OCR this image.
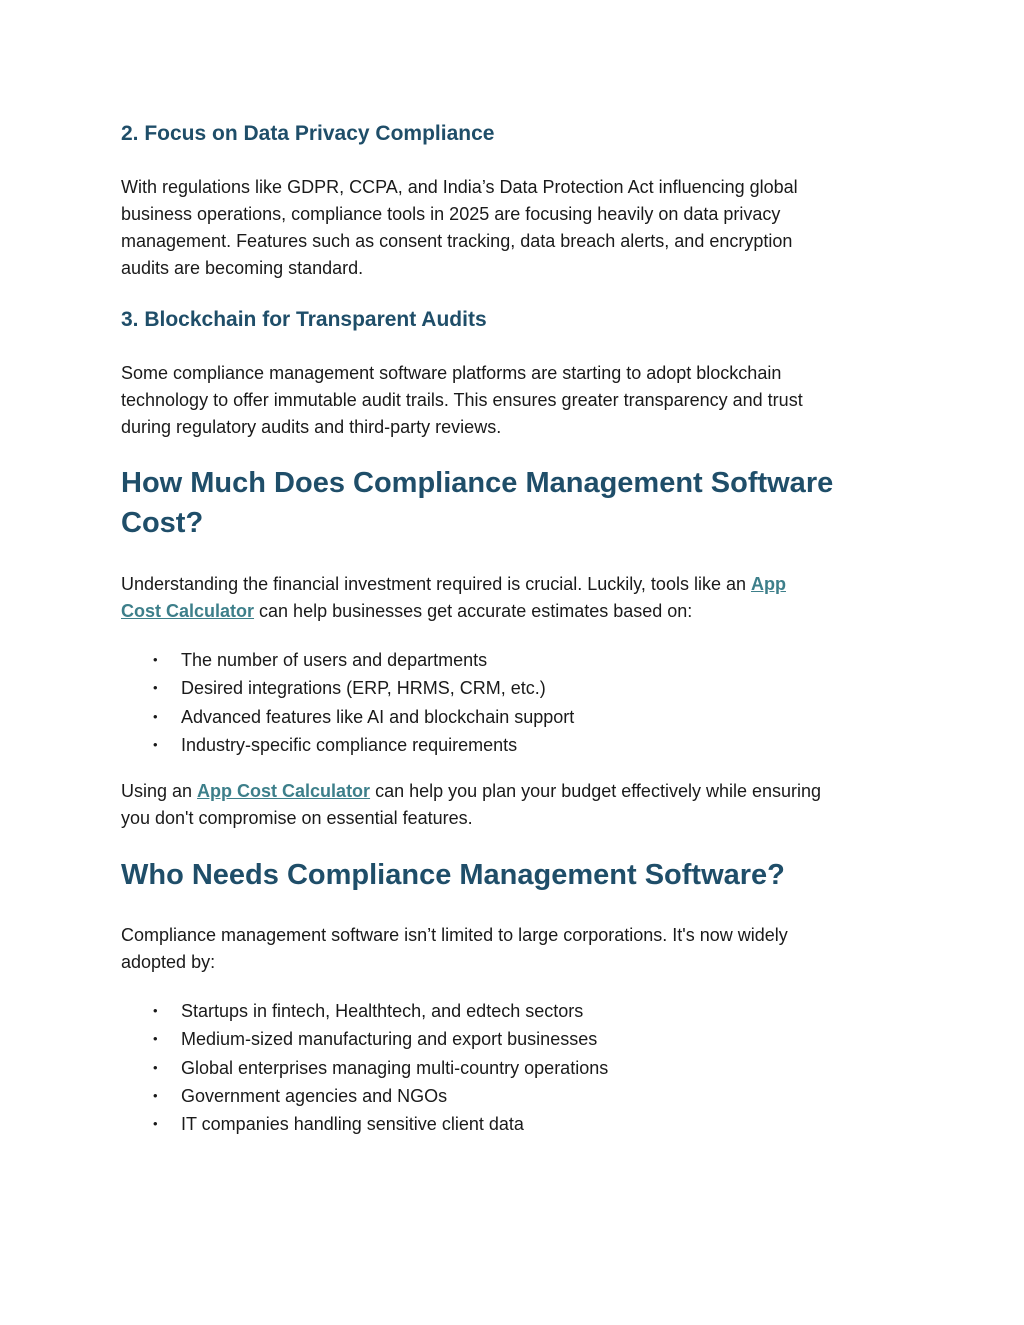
2. Focus on Data Privacy Compliance

With regulations like GDPR, CCPA, and India’s Data Protection Act influencing global
business operations, compliance tools in 2025 are focusing heavily on data privacy
management. Features such as consent tracking, data breach alerts, and encryption
audits are becoming standard.

3. Blockchain for Transparent Audits

Some compliance management software platforms are starting to adopt blockchain
technology to offer immutable audit trails. This ensures greater transparency and trust
during regulatory audits and third-party reviews.

How Much Does Compliance Management Software
Cost?

Understanding the financial investment required is crucial. Luckily, tools like an App
Cost Calculator can help businesses get accurate estimates based on:

• The number of users and departments
• Desired integrations (ERP, HRMS, CRM, etc.)
• Advanced features like AI and blockchain support
• Industry-specific compliance requirements

Using an App Cost Calculator can help you plan your budget effectively while ensuring
you don't compromise on essential features.

Who Needs Compliance Management Software?

Compliance management software isn’t limited to large corporations. It's now widely
adopted by:

• Startups in fintech, Healthtech, and edtech sectors
• Medium-sized manufacturing and export businesses
• Global enterprises managing multi-country operations
• Government agencies and NGOs
• IT companies handling sensitive client data
